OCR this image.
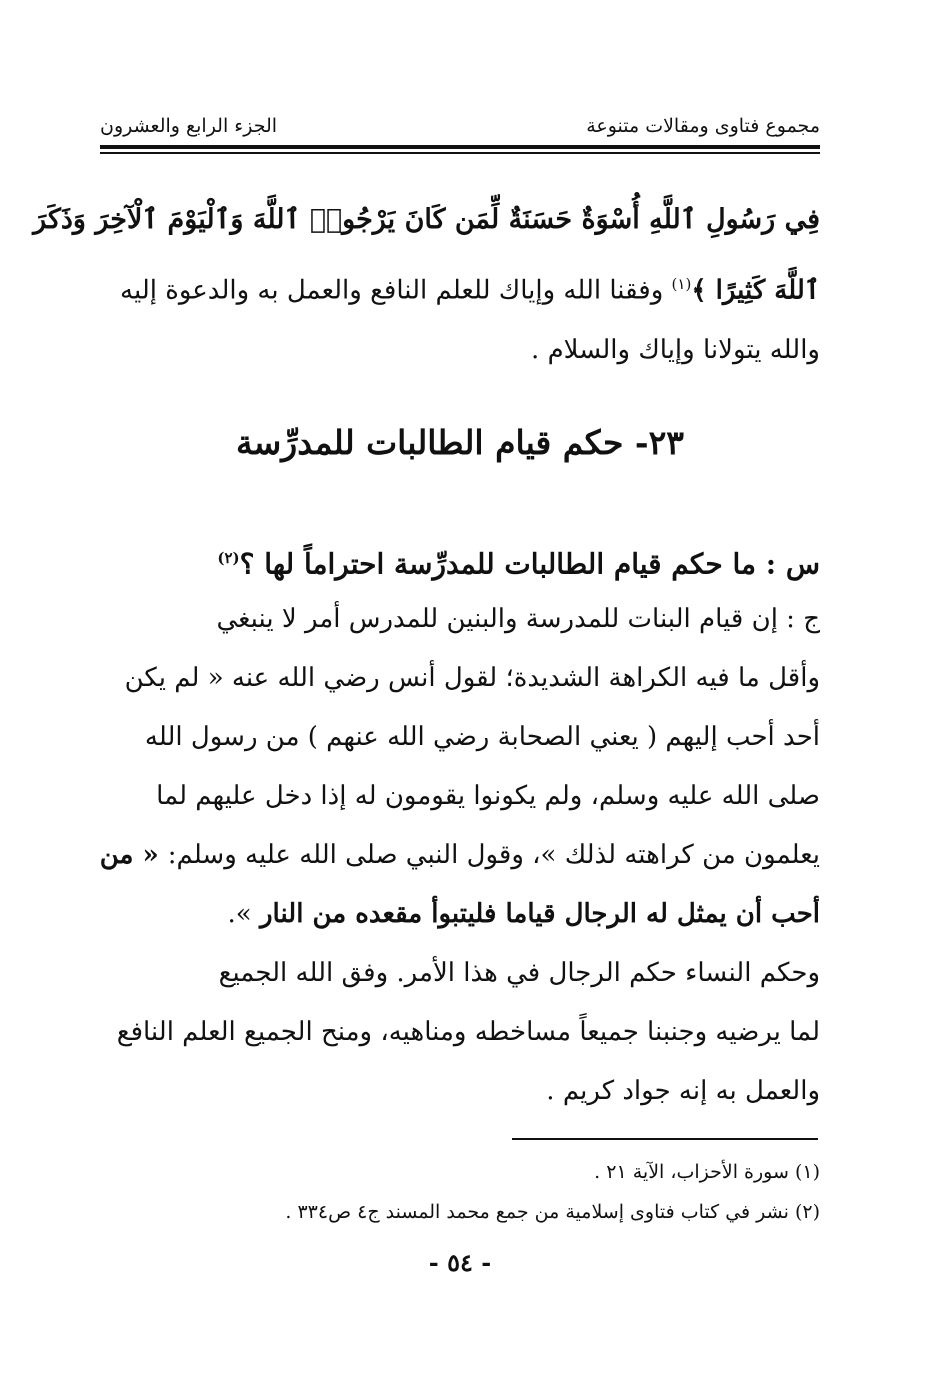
مجموع فتاوى ومقالات متنوعة
الجزء الرابع والعشرون
فِي رَسُولِ ٱللَّهِ أُسْوَةٌ حَسَنَةٌ لِّمَن كَانَ يَرْجُوا۟ ٱللَّهَ وَٱلْيَوْمَ ٱلْآخِرَ وَذَكَرَ
ٱللَّهَ كَثِيرًا ﴾$^{(١)}$ وفقنا الله وإياك للعلم النافع والعمل به والدعوة إليه
والله يتولانا وإياك والسلام .
٢٣- حكم قيام الطالبات للمدرِّسة
س : ما حكم قيام الطالبات للمدرِّسة احتراماً لها ؟$^{(٢)}$
ج : إن قيام البنات للمدرسة والبنين للمدرس أمر لا ينبغي
وأقل ما فيه الكراهة الشديدة؛ لقول أنس رضي الله عنه « لم يكن
أحد أحب إليهم ( يعني الصحابة رضي الله عنهم ) من رسول الله
صلى الله عليه وسلم، ولم يكونوا يقومون له إذا دخل عليهم لما
يعلمون من كراهته لذلك »، وقول النبي صلى الله عليه وسلم: « من
أحب أن يمثل له الرجال قياما فليتبوأ مقعده من النار ».
وحكم النساء حكم الرجال في هذا الأمر. وفق الله الجميع
لما يرضيه وجنبنا جميعاً مساخطه ومناهيه، ومنح الجميع العلم النافع
والعمل به إنه جواد كريم .
(١) سورة الأحزاب، الآية ٢١ .
(٢) نشر في كتاب فتاوى إسلامية من جمع محمد المسند ج٤ ص٣٣٤ .
- ٥٤ -
